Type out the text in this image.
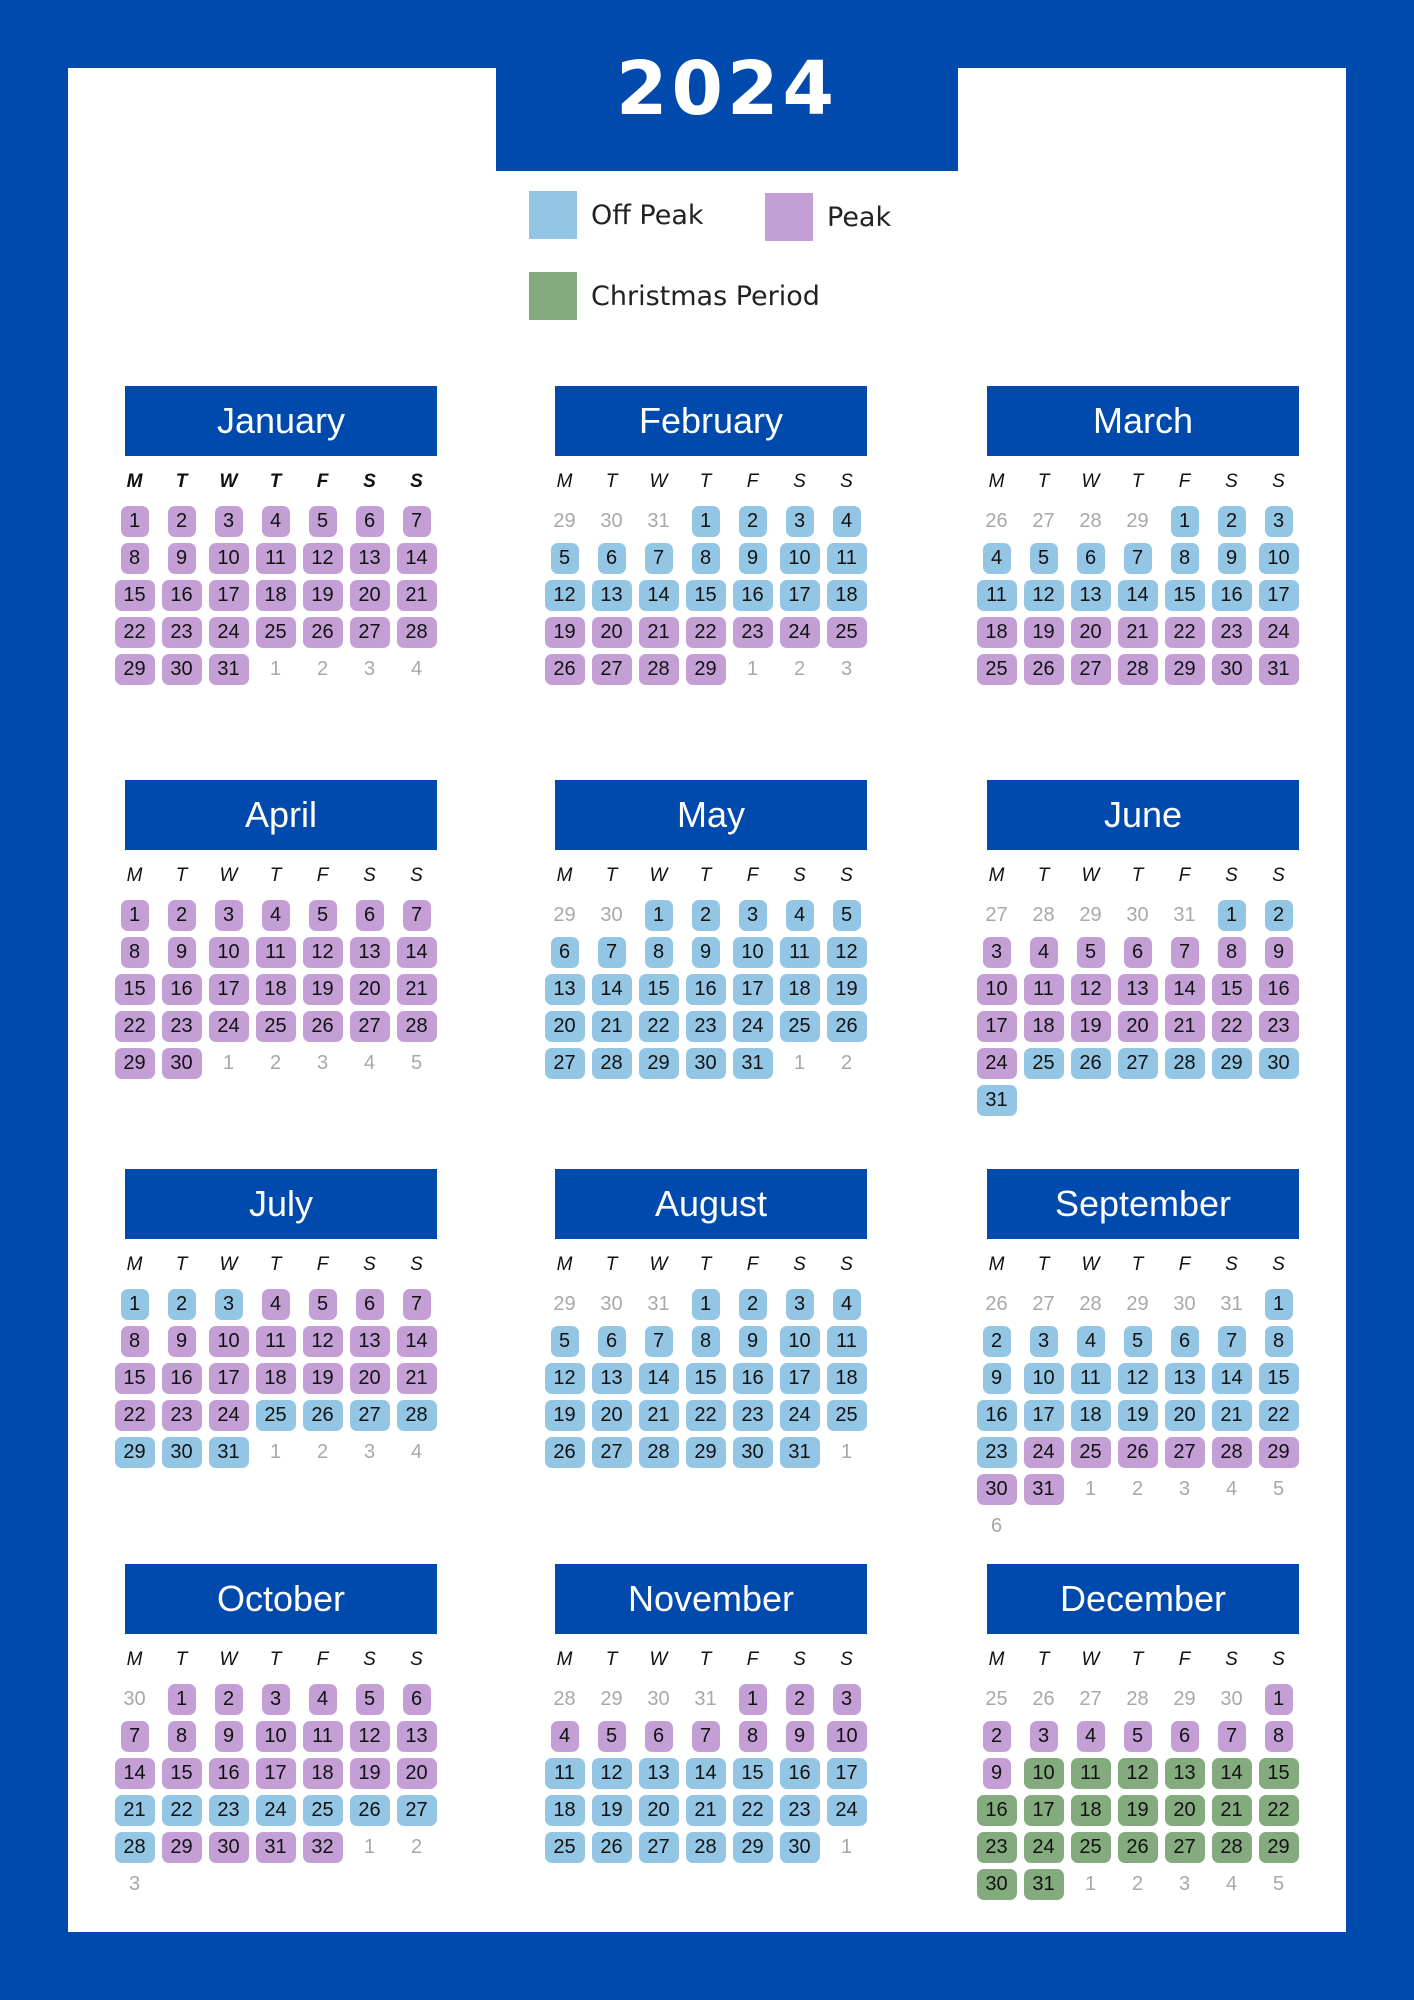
2024
Off Peak	Peak
Christmas Period
January
M	T	W	T	F	S	S
1	2	3	4	5	6	7
8	9	10	11	12	13	14
15	16	17	18	19	20	21
22	23	24	25	26	27	28
29	30	31	1	2	3	4
February
M	T	W	T	F	S	S
29	30	31	1	2	3	4
5	6	7	8	9	10	11
12	13	14	15	16	17	18
19	20	21	22	23	24	25
26	27	28	29	1	2	3
March
M	T	W	T	F	S	S
26	27	28	29	1	2	3
4	5	6	7	8	9	10
11	12	13	14	15	16	17
18	19	20	21	22	23	24
25	26	27	28	29	30	31
April
M	T	W	T	F	S	S
1	2	3	4	5	6	7
8	9	10	11	12	13	14
15	16	17	18	19	20	21
22	23	24	25	26	27	28
29	30	1	2	3	4	5
May
M	T	W	T	F	S	S
29	30	1	2	3	4	5
6	7	8	9	10	11	12
13	14	15	16	17	18	19
20	21	22	23	24	25	26
27	28	29	30	31	1	2
June
M	T	W	T	F	S	S
27	28	29	30	31	1	2
3	4	5	6	7	8	9
10	11	12	13	14	15	16
17	18	19	20	21	22	23
24	25	26	27	28	29	30
31
July
M	T	W	T	F	S	S
1	2	3	4	5	6	7
8	9	10	11	12	13	14
15	16	17	18	19	20	21
22	23	24	25	26	27	28
29	30	31	1	2	3	4
August
M	T	W	T	F	S	S
29	30	31	1	2	3	4
5	6	7	8	9	10	11
12	13	14	15	16	17	18
19	20	21	22	23	24	25
26	27	28	29	30	31	1
September
M	T	W	T	F	S	S
26	27	28	29	30	31	1
2	3	4	5	6	7	8
9	10	11	12	13	14	15
16	17	18	19	20	21	22
23	24	25	26	27	28	29
30	31	1	2	3	4	5
6
October
M	T	W	T	F	S	S
30	1	2	3	4	5	6
7	8	9	10	11	12	13
14	15	16	17	18	19	20
21	22	23	24	25	26	27
28	29	30	31	32	1	2
3
November
M	T	W	T	F	S	S
28	29	30	31	1	2	3
4	5	6	7	8	9	10
11	12	13	14	15	16	17
18	19	20	21	22	23	24
25	26	27	28	29	30	1
December
M	T	W	T	F	S	S
25	26	27	28	29	30	1
2	3	4	5	6	7	8
9	10	11	12	13	14	15
16	17	18	19	20	21	22
23	24	25	26	27	28	29
30	31	1	2	3	4	5
